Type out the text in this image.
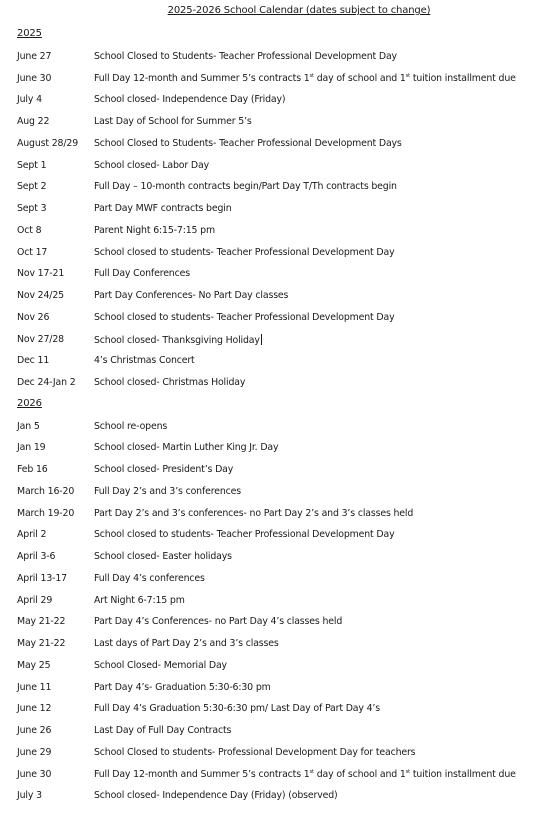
2025-2026 School Calendar (dates subject to change)
2025
June 27	School Closed to Students- Teacher Professional Development Day
June 30	Full Day 12-month and Summer 5’s contracts 1st day of school and 1st tuition installment due
July 4	School closed- Independence Day (Friday)
Aug 22	Last Day of School for Summer 5’s
August 28/29 School Closed to Students- Teacher Professional Development Days
Sept 1	School closed- Labor Day
Sept 2	Full Day – 10-month contracts begin/Part Day T/Th contracts begin
Sept 3	Part Day MWF contracts begin
Oct 8	Parent Night 6:15-7:15 pm
Oct 17	School closed to students- Teacher Professional Development Day
Nov 17-21	Full Day Conferences
Nov 24/25	Part Day Conferences- No Part Day classes
Nov 26	School closed to students- Teacher Professional Development Day
Nov 27/28	School closed- Thanksgiving Holiday
Dec 11	4’s Christmas Concert
Dec 24-Jan 2 School closed- Christmas Holiday
2026
Jan 5	School re-opens
Jan 19	School closed- Martin Luther King Jr. Day
Feb 16	School closed- President’s Day
March 16-20 Full Day 2’s and 3’s conferences
March 19-20 Part Day 2’s and 3’s conferences- no Part Day 2’s and 3’s classes held
April 2	School closed to students- Teacher Professional Development Day
April 3-6	School closed- Easter holidays
April 13-17	Full Day 4’s conferences
April 29	Art Night 6-7:15 pm
May 21-22	Part Day 4’s Conferences- no Part Day 4’s classes held
May 21-22	Last days of Part Day 2’s and 3’s classes
May 25	School Closed- Memorial Day
June 11	Part Day 4’s- Graduation 5:30-6:30 pm
June 12	Full Day 4’s Graduation 5:30-6:30 pm/ Last Day of Part Day 4’s
June 26	Last Day of Full Day Contracts
June 29	School Closed to students- Professional Development Day for teachers
June 30	Full Day 12-month and Summer 5’s contracts 1st day of school and 1st tuition installment due
July 3	School closed- Independence Day (Friday) (observed)
